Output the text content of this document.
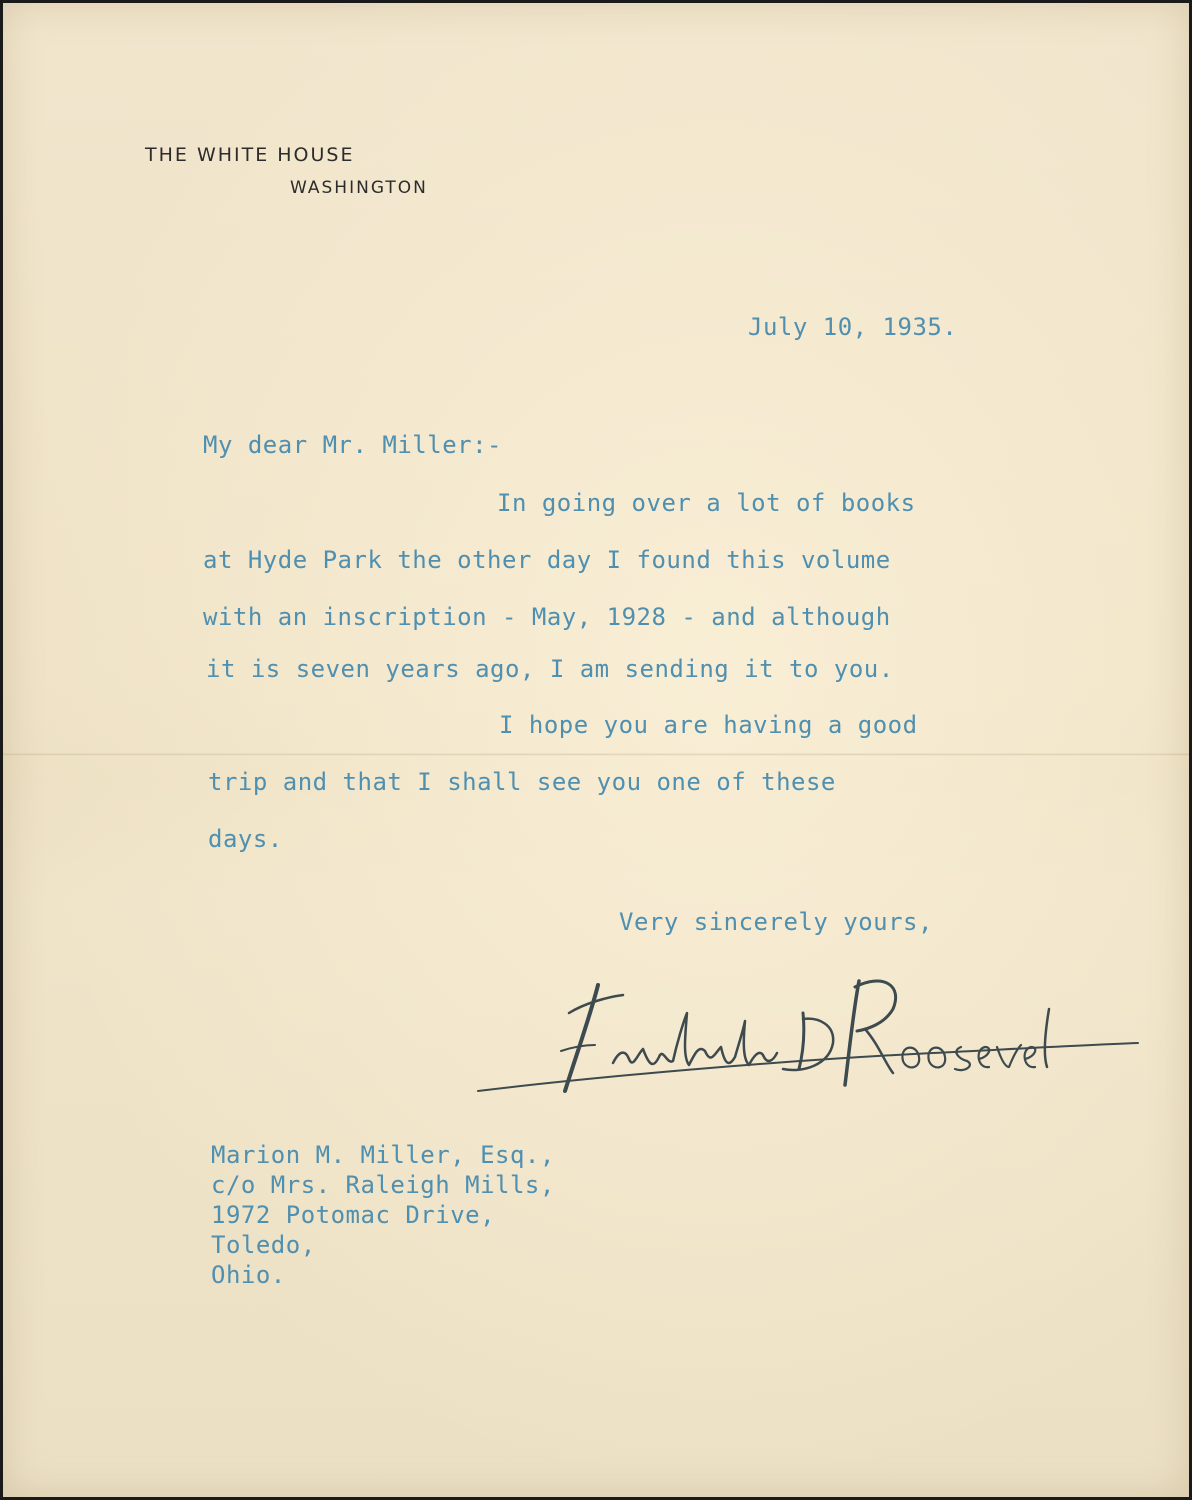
THE WHITE HOUSE
WASHINGTON
July 10, 1935.
My dear Mr. Miller:-
In going over a lot of books
at Hyde Park the other day I found this volume
with an inscription - May, 1928 - and although
it is seven years ago, I am sending it to you.
I hope you are having a good
trip and that I shall see you one of these
days.
Very sincerely yours,
Marion M. Miller, Esq.,
c/o Mrs. Raleigh Mills,
1972 Potomac Drive,
Toledo,
Ohio.
